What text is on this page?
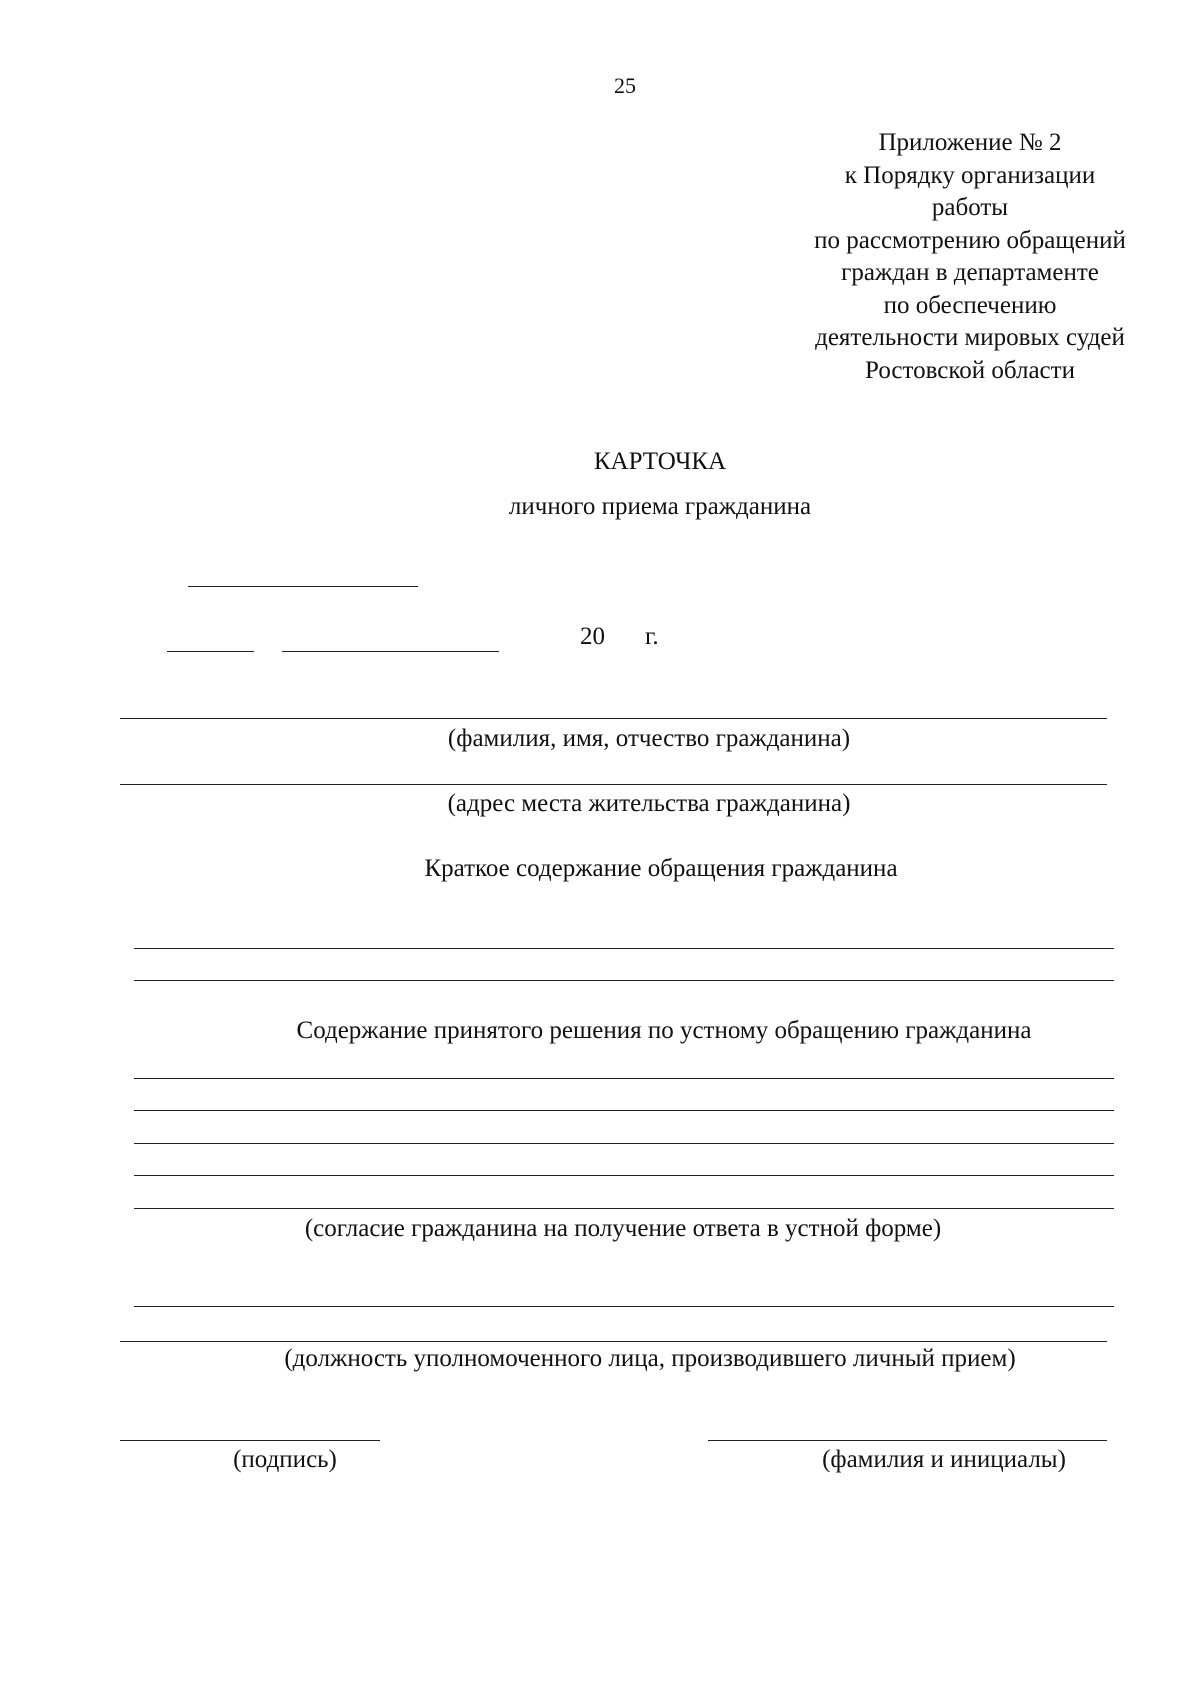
25
Приложение № 2
к Порядку организации
работы
по рассмотрению обращений
граждан в департаменте
по обеспечению
деятельности мировых судей
Ростовской области
КАРТОЧКА
личного приема гражданина
20 г.
(фамилия, имя, отчество гражданина)
(адрес места жительства гражданина)
Краткое содержание обращения гражданина
Содержание принятого решения по устному обращению гражданина
(согласие гражданина на получение ответа в устной форме)
(должность уполномоченного лица, производившего личный прием)
(подпись)	(фамилия и инициалы)
